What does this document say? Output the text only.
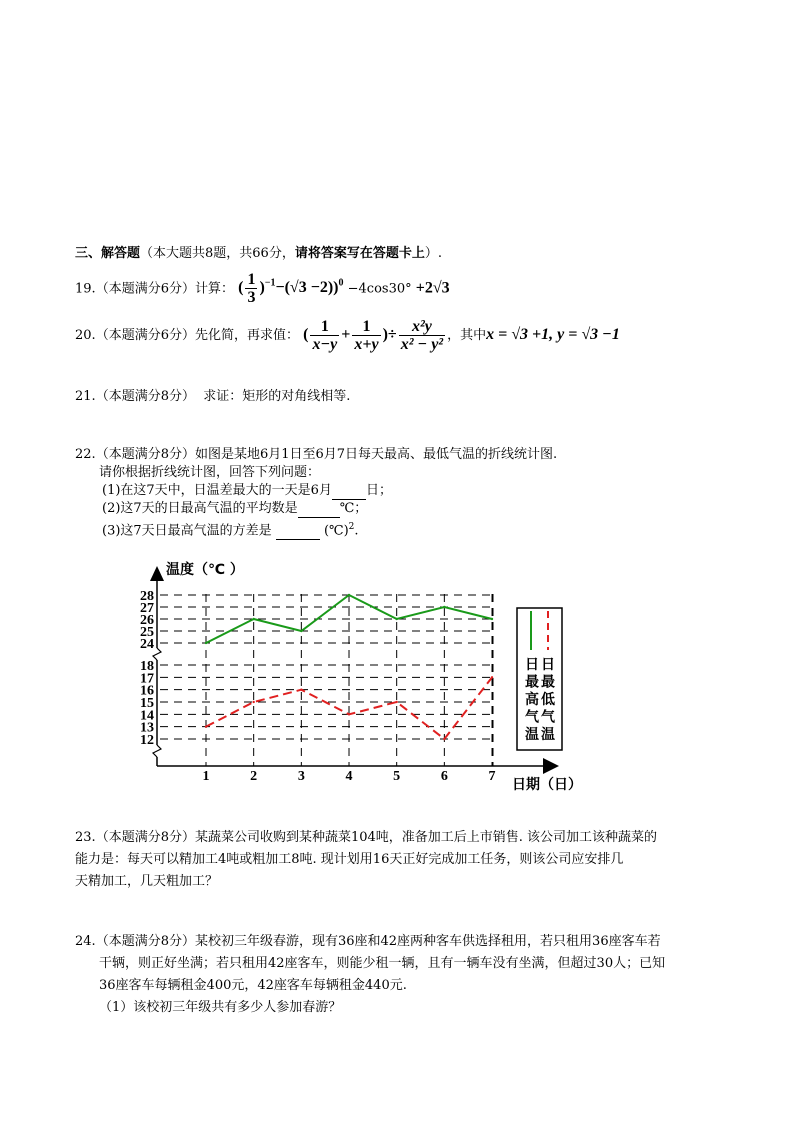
三、解答题（本大题共8题，共66分，请将答案写在答题卡上）.
19.（本题满分6分）计算： ( $\frac{1}{3} )^{-1}-(√3 -2))^0 -4\cos 30^\circ +2√3$
20.（本题满分6分）先化简，再求值： ( $\frac{1}{x-y} + \frac{1}{x+y}$ )÷ $\frac{\text{x²y}}{\text{x² − y²}}$ ，其中x = √3 +1, y = √3 −1
21.（本题满分8分） 求证：矩形的对角线相等.
22.（本题满分8分）如图是某地6月1日至6月7日每天最高、最低气温的折线统计图.
请你根据折线统计图，回答下列问题：
(1)在这7天中，日温差最大的一天是6月	日；
(2)这7天的日最高气温的平均数是	℃；
(3)这7天日最高气温的方差是	(℃)$^2$.
日
最
高
气
温
日
最
低
气
温
28
27
26
25
24
18
17
16
15
14
13
12
1	2	3	4	5	6	7
温度（℃ ）
日期（日）
23.（本题满分8分）某蔬菜公司收购到某种蔬菜104吨，准备加工后上市销售. 该公司加工该种蔬菜的
能力是：每天可以精加工4吨或粗加工8吨. 现计划用16天正好完成加工任务，则该公司应安排几
天精加工，几天粗加工？
24.（本题满分8分）某校初三年级春游，现有36座和42座两种客车供选择租用，若只租用36座客车若
干辆，则正好坐满；若只租用42座客车，则能少租一辆，且有一辆车没有坐满，但超过30人；已知
36座客车每辆租金400元，42座客车每辆租金440元.
（1）该校初三年级共有多少人参加春游？
